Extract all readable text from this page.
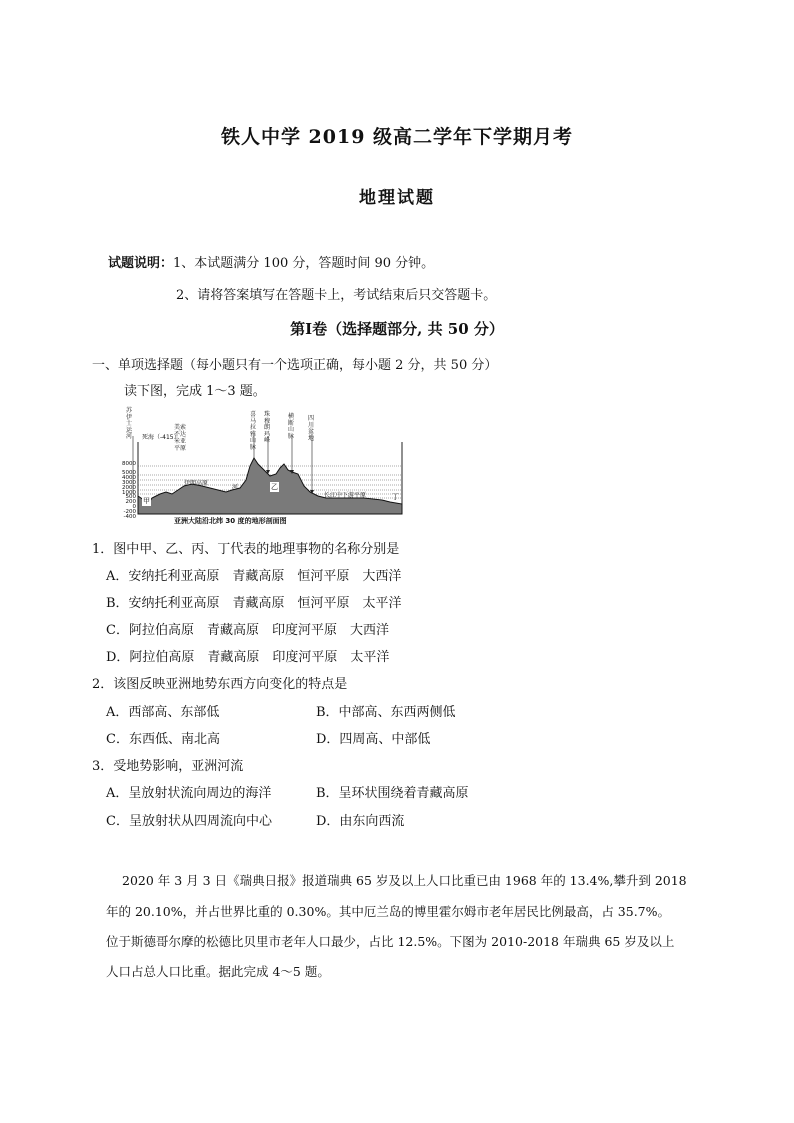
铁人中学 2019 级高二学年下学期月考
地理试题
试题说明：1、本试题满分 100 分，答题时间 90 分钟。
2、请将答案填写在答题卡上，考试结束后只交答题卡。
第Ⅰ卷（选择题部分, 共 50 分）
一、单项选择题（每小题只有一个选项正确，每小题 2 分，共 50 分）
读下图，完成 1～3 题。
8000
5000
4000
3000
2000
1000
500
200
0
-200
-400
苏伊士运河	死海（-415）
美索不达米亚平原
喜马拉雅山脉
珠穆朗玛峰
横断山脉
四川盆地
伊朗高原
河	乙
甲
长江中下游平原	丁
亚洲大陆沿北纬 30 度的地形剖面图
1．图中甲、乙、丙、丁代表的地理事物的名称分别是
A．安纳托利亚高原　青藏高原　恒河平原　大西洋
B．安纳托利亚高原　青藏高原　恒河平原　太平洋
C．阿拉伯高原　青藏高原　印度河平原　大西洋
D．阿拉伯高原　青藏高原　印度河平原　太平洋
2．该图反映亚洲地势东西方向变化的特点是
A．西部高、东部低	B．中部高、东西两侧低
C．东西低、南北高	D．四周高、中部低
3．受地势影响，亚洲河流
A．呈放射状流向周边的海洋	B．呈环状围绕着青藏高原
C．呈放射状从四周流向中心	D．由东向西流
2020 年 3 月 3 日《瑞典日报》报道瑞典 65 岁及以上人口比重已由 1968 年的 13.4%,攀升到 2018
年的 20.10%，并占世界比重的 0.30%。其中厄兰岛的博里霍尔姆市老年居民比例最高，占 35.7%。
位于斯德哥尔摩的松德比贝里市老年人口最少，占比 12.5%。下图为 2010-2018 年瑞典 65 岁及以上
人口占总人口比重。据此完成 4～5 题。
